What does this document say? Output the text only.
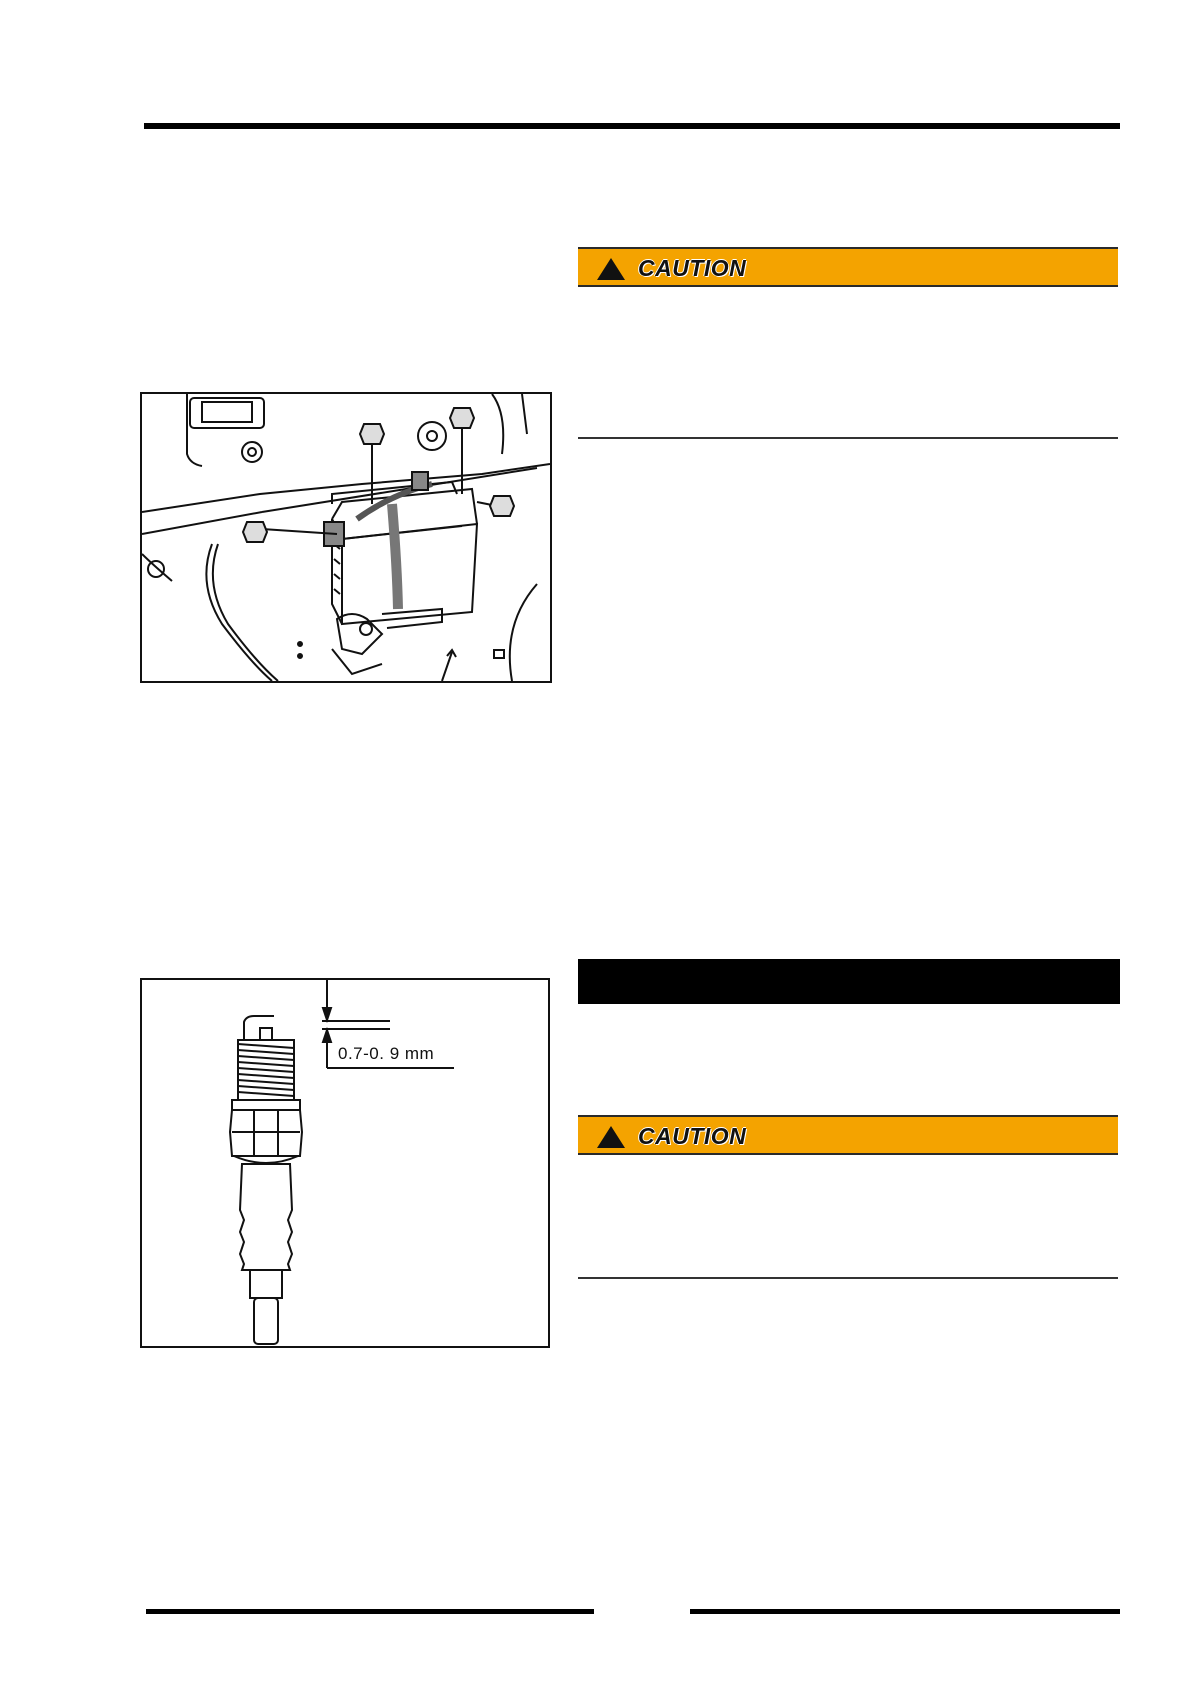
CAUTION
0.7-0. 9 mm
CAUTION
